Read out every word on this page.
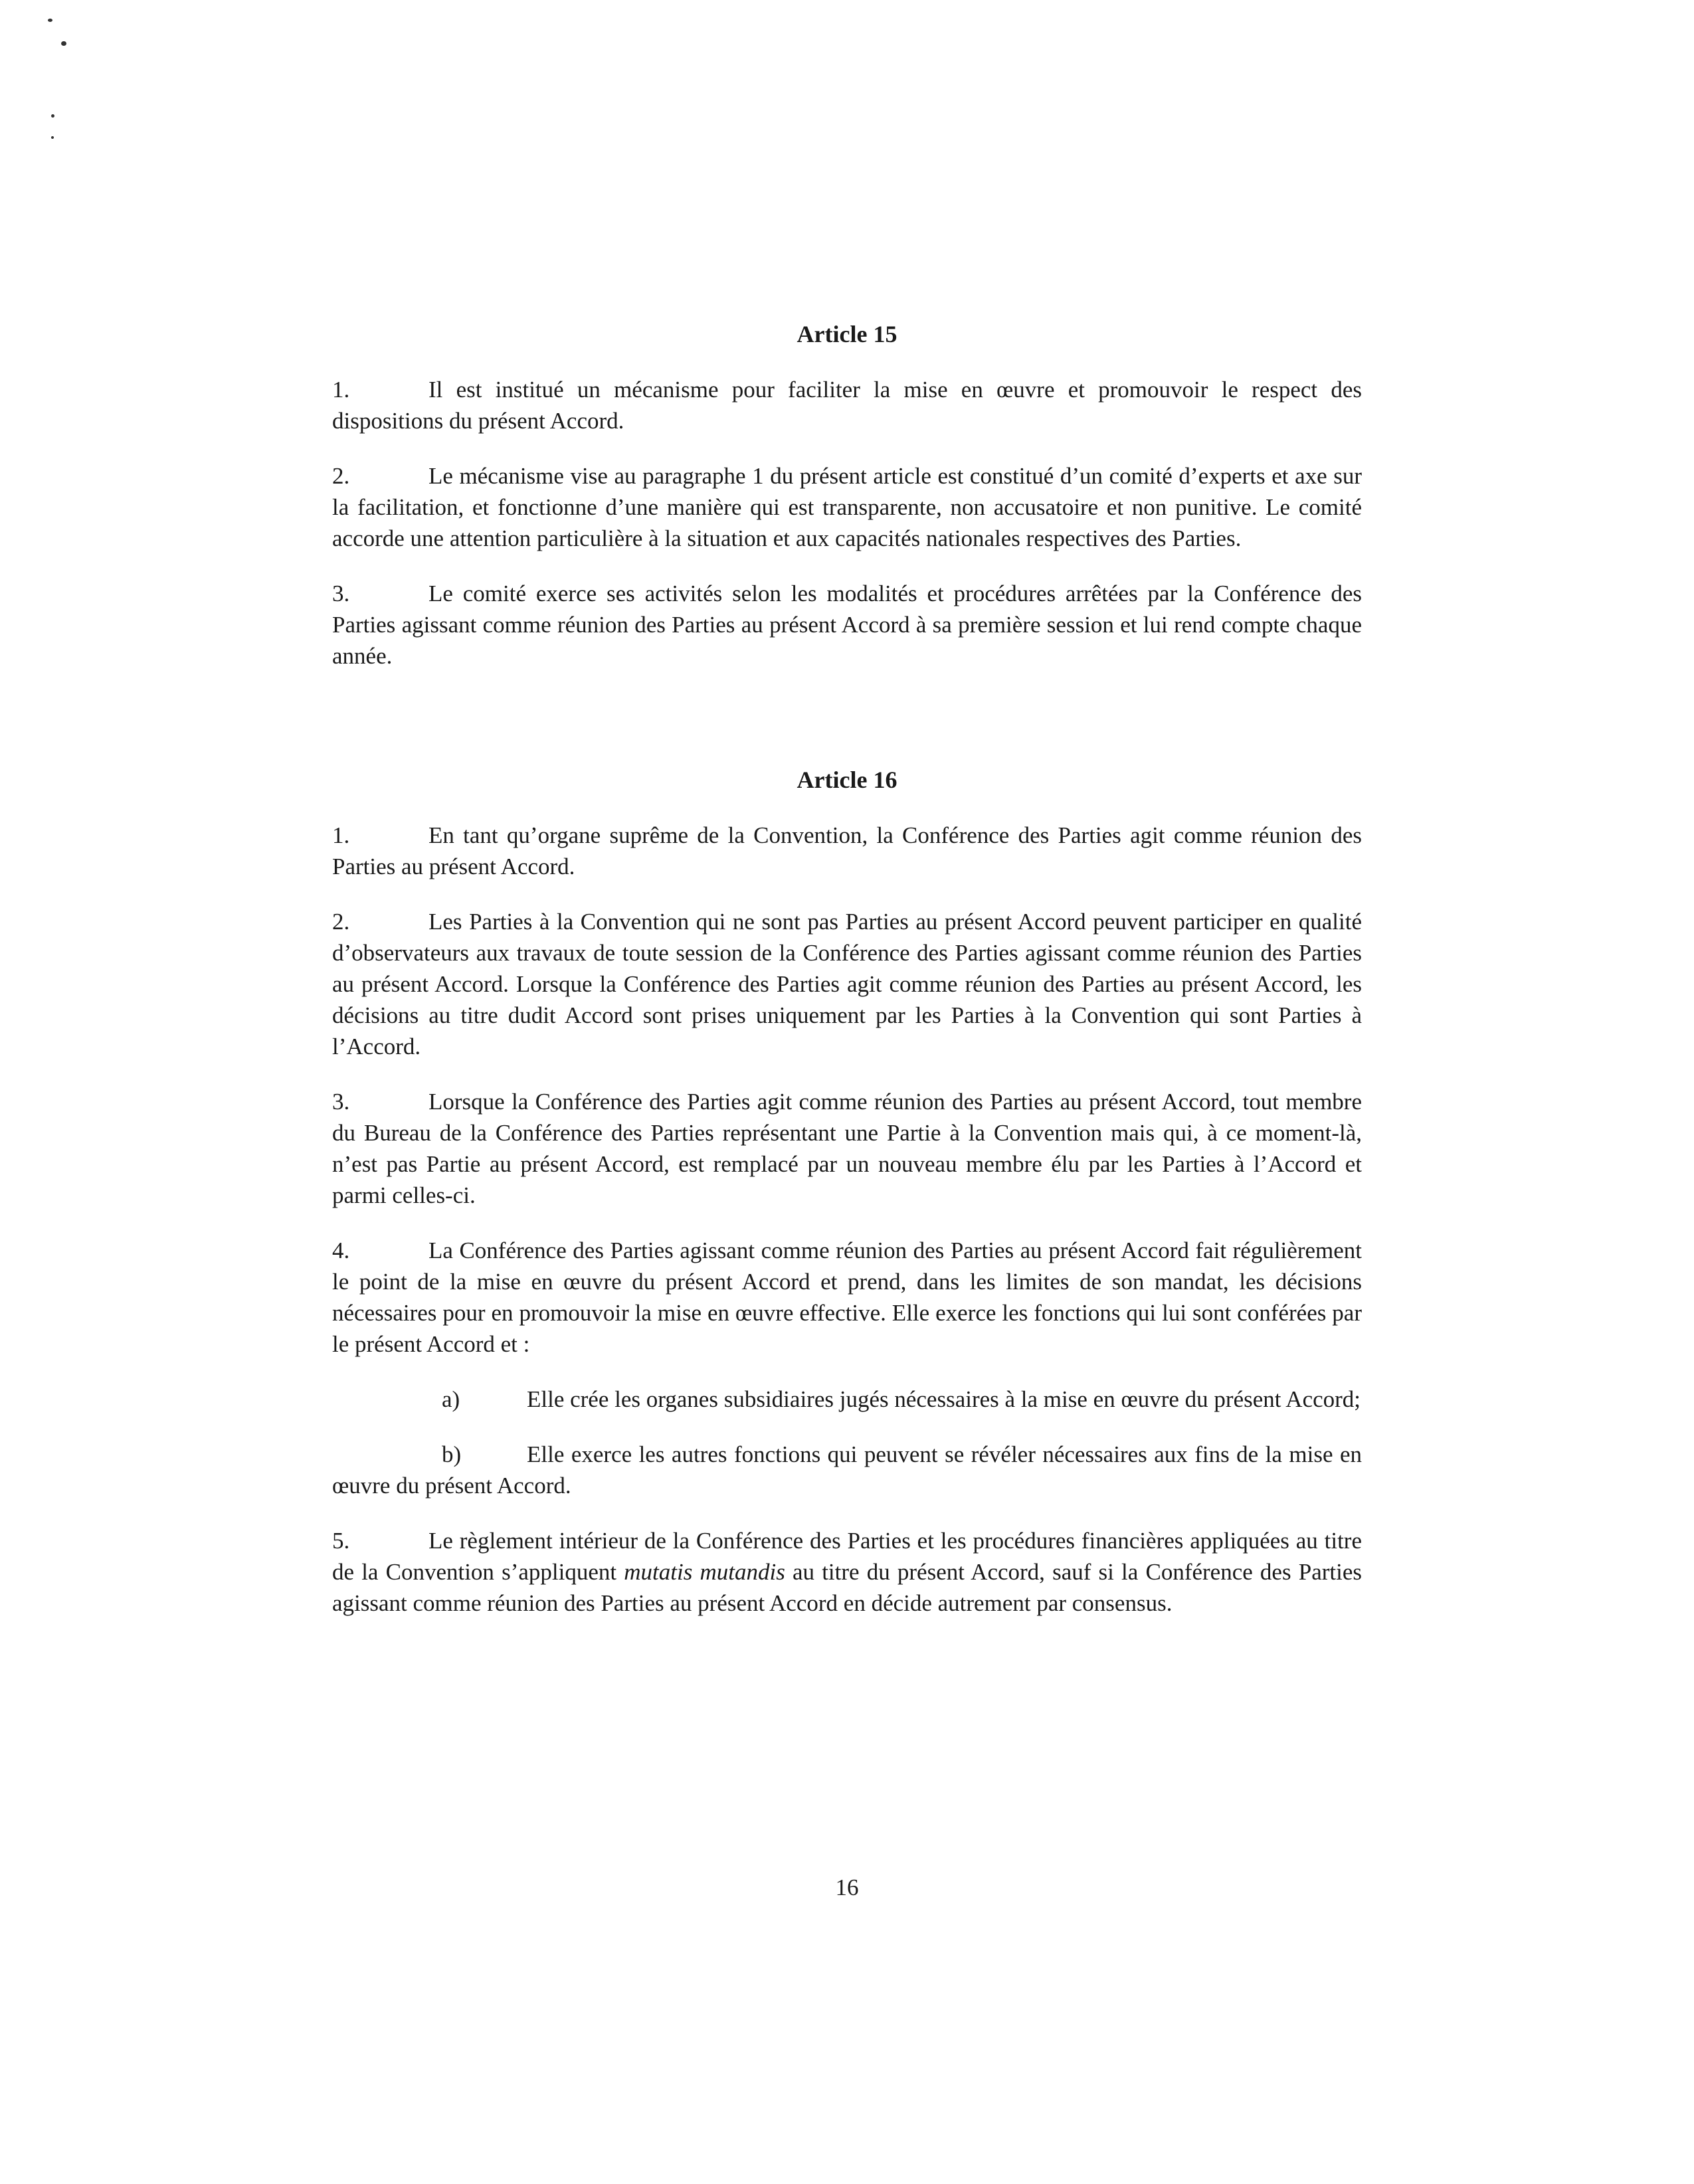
Article 15

1.	Il est institué un mécanisme pour faciliter la mise en œuvre et promouvoir le respect des dispositions du présent Accord.

2.	Le mécanisme vise au paragraphe 1 du présent article est constitué d’un comité d’experts et axe sur la facilitation, et fonctionne d’une manière qui est transparente, non accusatoire et non punitive. Le comité accorde une attention particulière à la situation et aux capacités nationales respectives des Parties.

3.	Le comité exerce ses activités selon les modalités et procédures arrêtées par la Conférence des Parties agissant comme réunion des Parties au présent Accord à sa première session et lui rend compte chaque année.

Article 16

1.	En tant qu’organe suprême de la Convention, la Conférence des Parties agit comme réunion des Parties au présent Accord.

2.	Les Parties à la Convention qui ne sont pas Parties au présent Accord peuvent participer en qualité d’observateurs aux travaux de toute session de la Conférence des Parties agissant comme réunion des Parties au présent Accord. Lorsque la Conférence des Parties agit comme réunion des Parties au présent Accord, les décisions au titre dudit Accord sont prises uniquement par les Parties à la Convention qui sont Parties à l’Accord.

3.	Lorsque la Conférence des Parties agit comme réunion des Parties au présent Accord, tout membre du Bureau de la Conférence des Parties représentant une Partie à la Convention mais qui, à ce moment-là, n’est pas Partie au présent Accord, est remplacé par un nouveau membre élu par les Parties à l’Accord et parmi celles-ci.

4.	La Conférence des Parties agissant comme réunion des Parties au présent Accord fait régulièrement le point de la mise en œuvre du présent Accord et prend, dans les limites de son mandat, les décisions nécessaires pour en promouvoir la mise en œuvre effective. Elle exerce les fonctions qui lui sont conférées par le présent Accord et :

a)	Elle crée les organes subsidiaires jugés nécessaires à la mise en œuvre du présent Accord;

b)	Elle exerce les autres fonctions qui peuvent se révéler nécessaires aux fins de la mise en œuvre du présent Accord.

5.	Le règlement intérieur de la Conférence des Parties et les procédures financières appliquées au titre de la Convention s’appliquent mutatis mutandis au titre du présent Accord, sauf si la Conférence des Parties agissant comme réunion des Parties au présent Accord en décide autrement par consensus.

16
